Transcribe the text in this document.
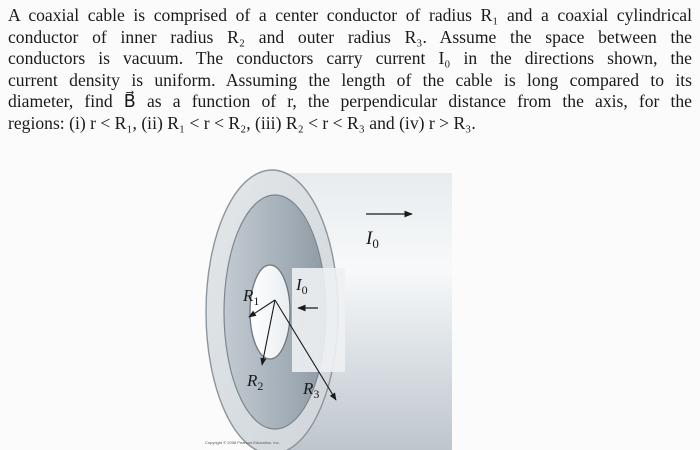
A coaxial cable is comprised of a center conductor of radius R₁ and a coaxial cylindrical
conductor of inner radius R₂ and outer radius R₃. Assume the space between the
conductors is vacuum. The conductors carry current I₀ in the directions shown, the
current density is uniform. Assuming the length of the cable is long compared to its
diameter, find B⃗ as a function of r, the perpendicular distance from the axis, for the
regions: (i) r < R₁, (ii) R₁ < r < R₂, (iii) R₂ < r < R₃ and (iv) r > R₃.

$I_0$
$I_0$
$R_1$
$R_2$ $R_3$
Copyright © 2008 Pearson Education, Inc.
